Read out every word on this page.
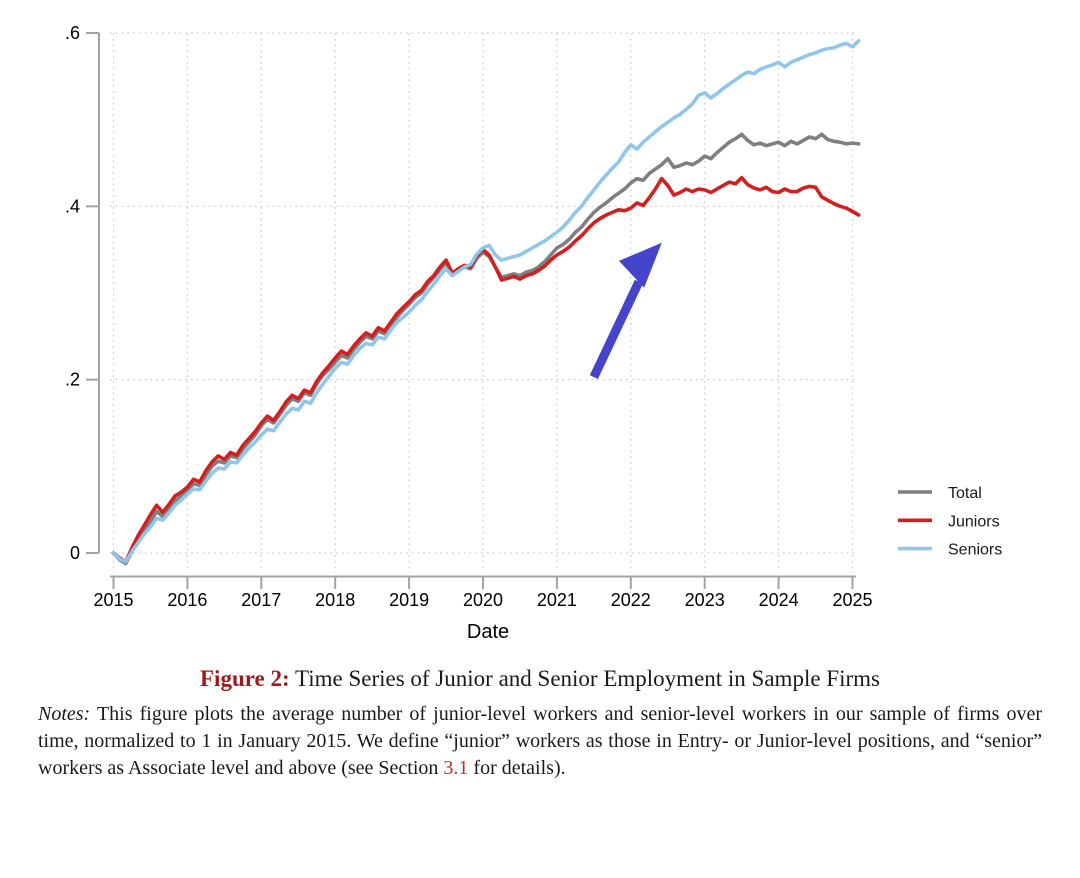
0
.2
.4
.6
2015 2016 2017 2018 2019 2020 2021 2022 2023 2024 2025
Date
Total
Juniors
Seniors
Figure 2: Time Series of Junior and Senior Employment in Sample Firms
Notes: This figure plots the average number of junior-level workers and senior-level workers in our sample of firms over time, normalized to 1 in January 2015. We define “junior” workers as those in Entry- or Junior-level positions, and “senior” workers as Associate level and above (see Section 3.1 for details).
